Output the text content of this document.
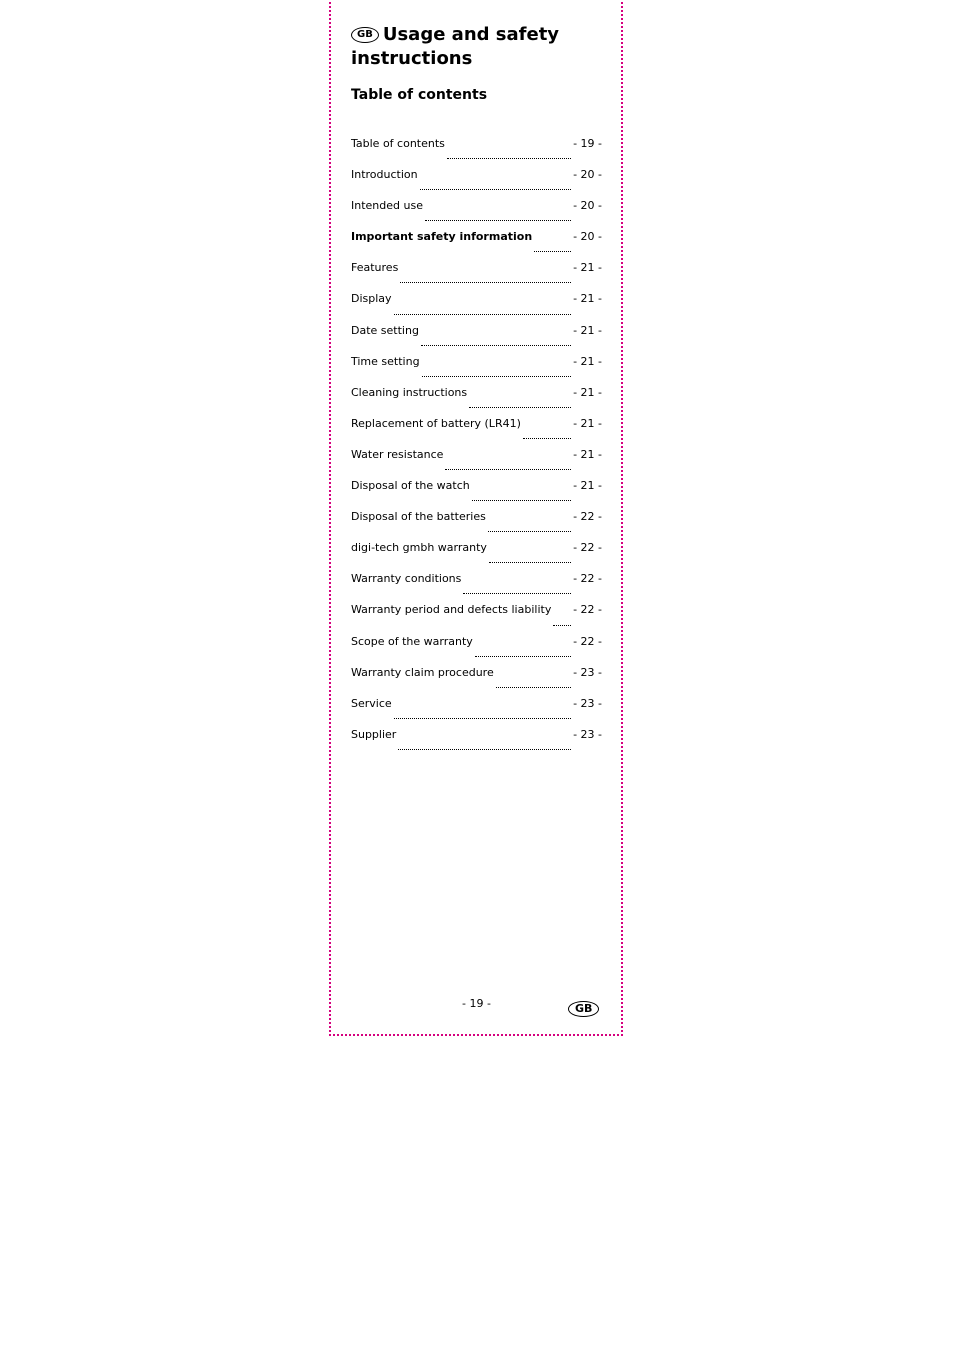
GB Usage and safety
instructions
Table of contents
Table of contents	- 19 -
Introduction	- 20 -
Intended use	- 20 -
Important safety information	- 20 -
Features	- 21 -
Display	- 21 -
Date setting	- 21 -
Time setting	- 21 -
Cleaning instructions	- 21 -
Replacement of battery (LR41)	- 21 -
Water resistance	- 21 -
Disposal of the watch	- 21 -
Disposal of the batteries	- 22 -
digi-tech gmbh warranty	- 22 -
Warranty conditions	- 22 -
Warranty period and defects liability - 22 -
Scope of the warranty	- 22 -
Warranty claim procedure	- 23 -
Service	- 23 -
Supplier	- 23 -
- 19 -	GB
